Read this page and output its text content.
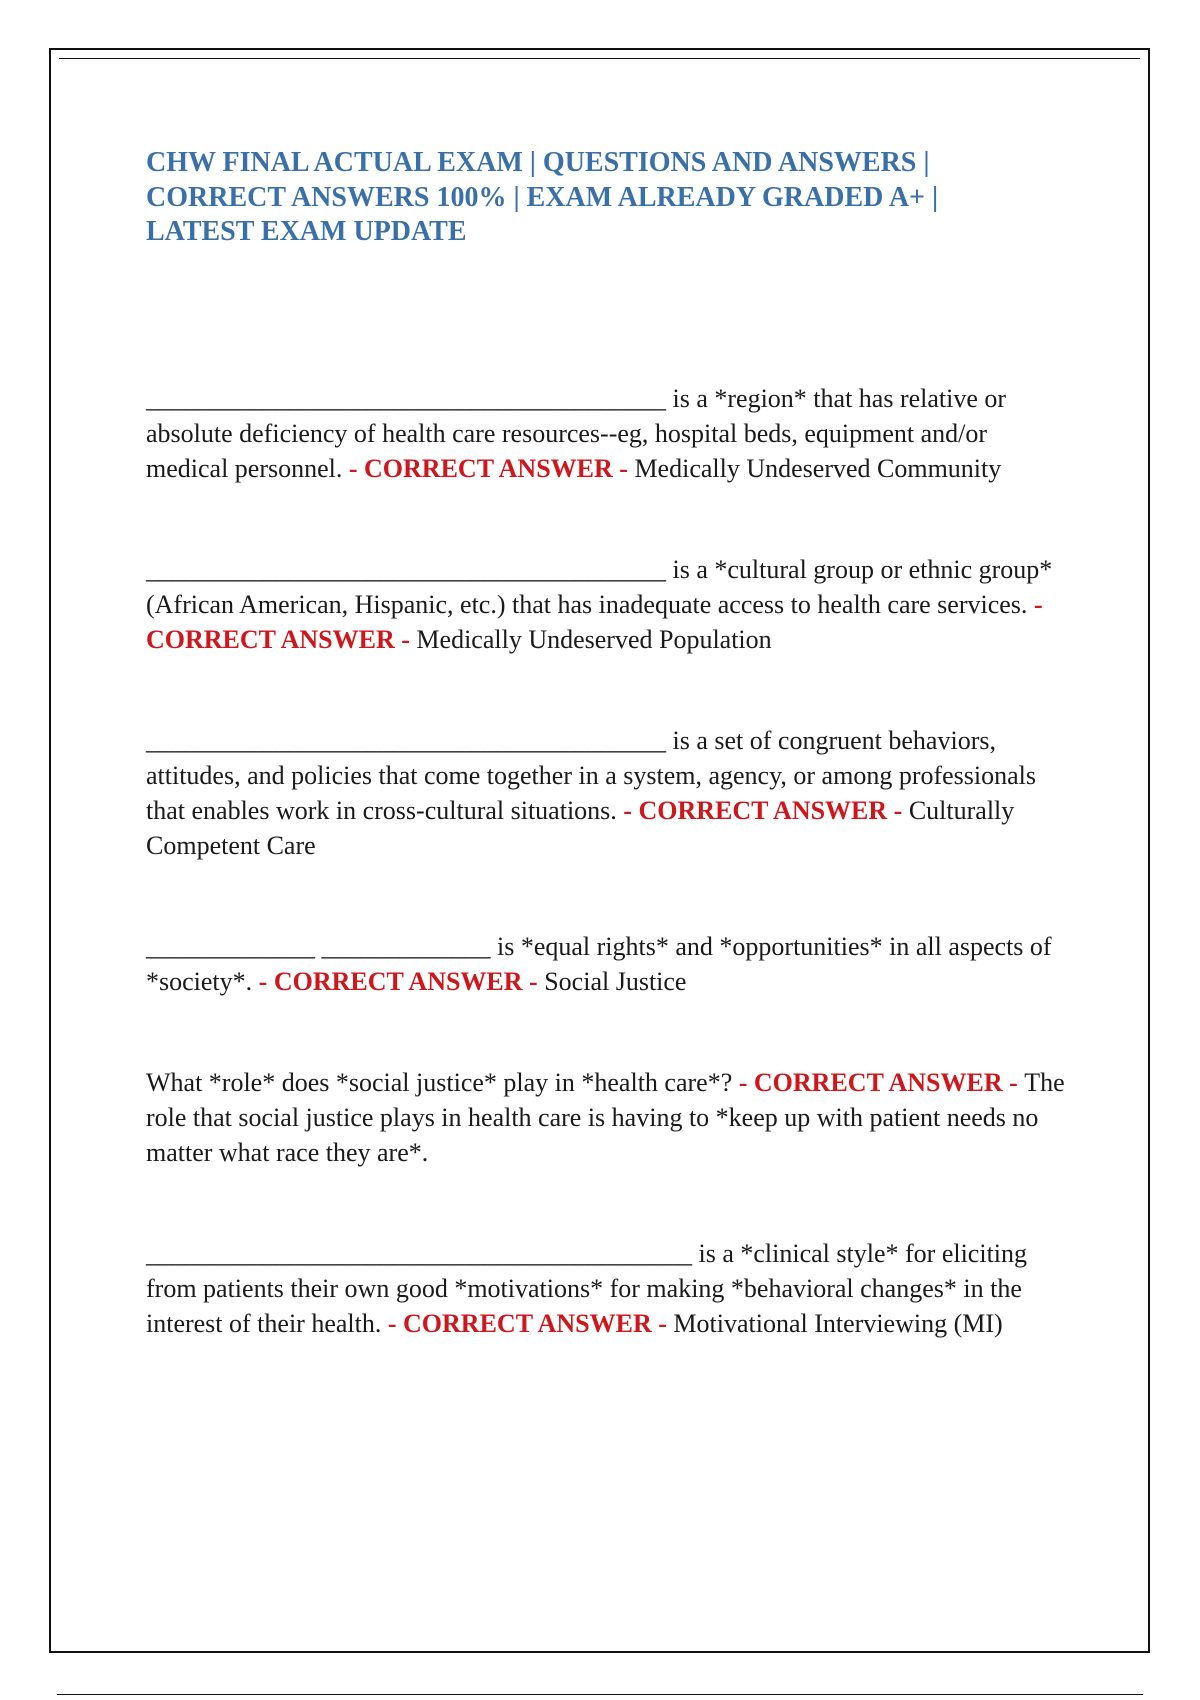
CHW FINAL ACTUAL EXAM | QUESTIONS AND ANSWERS | CORRECT ANSWERS 100% | EXAM ALREADY GRADED A+ | LATEST EXAM UPDATE

________________________________________ is a *region* that has relative or absolute deficiency of health care resources--eg, hospital beds, equipment and/or medical personnel. - CORRECT ANSWER - Medically Undeserved Community

________________________________________ is a *cultural group or ethnic group* (African American, Hispanic, etc.) that has inadequate access to health care services. - CORRECT ANSWER - Medically Undeserved Population

________________________________________ is a set of congruent behaviors, attitudes, and policies that come together in a system, agency, or among professionals that enables work in cross-cultural situations. - CORRECT ANSWER - Culturally Competent Care

_____________ _____________ is *equal rights* and *opportunities* in all aspects of *society*. - CORRECT ANSWER - Social Justice

What *role* does *social justice* play in *health care*? - CORRECT ANSWER - The role that social justice plays in health care is having to *keep up with patient needs no matter what race they are*.

__________________________________________ is a *clinical style* for eliciting from patients their own good *motivations* for making *behavioral changes* in the interest of their health. - CORRECT ANSWER - Motivational Interviewing (MI)
